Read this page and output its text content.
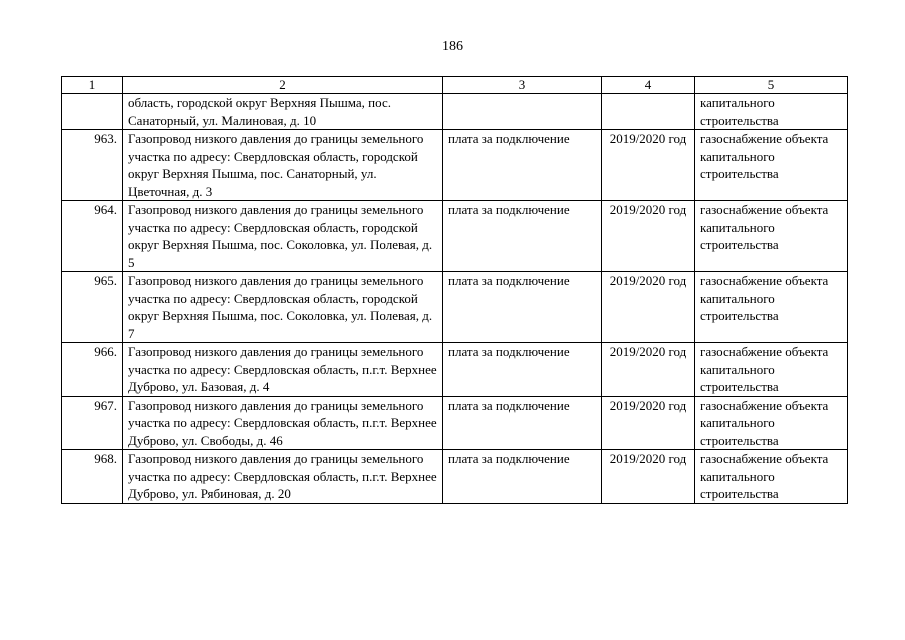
186
1	2	3	4	5
	область, городской округ Верхняя Пышма, пос. Санаторный, ул. Малиновая, д. 10			капитального строительства
963.	Газопровод низкого давления до границы земельного участка по адресу: Свердловская область, городской округ Верхняя Пышма, пос. Санаторный, ул. Цветочная, д. 3	плата за подключение	2019/2020 год	газоснабжение объекта капитального строительства
964.	Газопровод низкого давления до границы земельного участка по адресу: Свердловская область, городской округ Верхняя Пышма, пос. Соколовка, ул. Полевая, д. 5	плата за подключение	2019/2020 год	газоснабжение объекта капитального строительства
965.	Газопровод низкого давления до границы земельного участка по адресу: Свердловская область, городской округ Верхняя Пышма, пос. Соколовка, ул. Полевая, д. 7	плата за подключение	2019/2020 год	газоснабжение объекта капитального строительства
966.	Газопровод низкого давления до границы земельного участка по адресу: Свердловская область, п.г.т. Верхнее Дуброво, ул. Базовая, д. 4	плата за подключение	2019/2020 год	газоснабжение объекта капитального строительства
967.	Газопровод низкого давления до границы земельного участка по адресу: Свердловская область, п.г.т. Верхнее Дуброво, ул. Свободы, д. 46	плата за подключение	2019/2020 год	газоснабжение объекта капитального строительства
968.	Газопровод низкого давления до границы земельного участка по адресу: Свердловская область, п.г.т. Верхнее Дуброво, ул. Рябиновая, д. 20	плата за подключение	2019/2020 год	газоснабжение объекта капитального строительства
